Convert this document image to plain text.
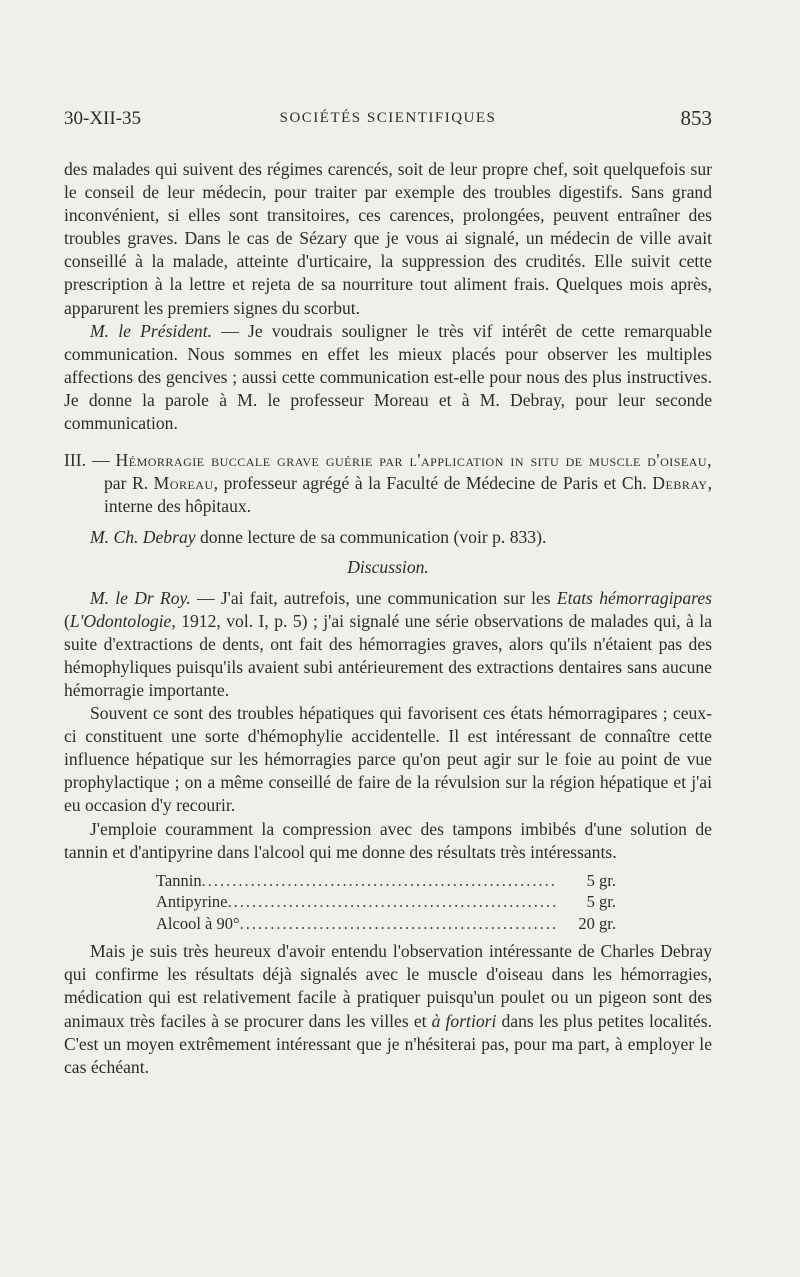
30-XII-35	SOCIÉTÉS SCIENTIFIQUES	853

des malades qui suivent des régimes carencés, soit de leur propre chef, soit quelquefois sur le conseil de leur médecin, pour traiter par exemple des troubles digestifs. Sans grand inconvénient, si elles sont transitoires, ces carences, prolongées, peuvent entraîner des troubles graves. Dans le cas de Sézary que je vous ai signalé, un médecin de ville avait conseillé à la malade, atteinte d'urticaire, la suppression des crudités. Elle suivit cette prescription à la lettre et rejeta de sa nourriture tout aliment frais. Quelques mois après, apparurent les premiers signes du scorbut.

M. le Président. — Je voudrais souligner le très vif intérêt de cette remarquable communication. Nous sommes en effet les mieux placés pour observer les multiples affections des gencives ; aussi cette communication est-elle pour nous des plus instructives. Je donne la parole à M. le professeur Moreau et à M. Debray, pour leur seconde communication.

III. — Hémorragie buccale grave guérie par l'application in situ de muscle d'oiseau, par R. Moreau, professeur agrégé à la Faculté de Médecine de Paris et Ch. Debray, interne des hôpitaux.

M. Ch. Debray donne lecture de sa communication (voir p. 833).

Discussion.

M. le Dr Roy. — J'ai fait, autrefois, une communication sur les Etats hémorragipares (L'Odontologie, 1912, vol. I, p. 5) ; j'ai signalé une série observations de malades qui, à la suite d'extractions de dents, ont fait des hémorragies graves, alors qu'ils n'étaient pas des hémophyliques puisqu'ils avaient subi antérieurement des extractions dentaires sans aucune hémorragie importante.

Souvent ce sont des troubles hépatiques qui favorisent ces états hémorragipares ; ceux-ci constituent une sorte d'hémophylie accidentelle. Il est intéressant de connaître cette influence hépatique sur les hémorragies parce qu'on peut agir sur le foie au point de vue prophylactique ; on a même conseillé de faire de la révulsion sur la région hépatique et j'ai eu occasion d'y recourir.

J'emploie couramment la compression avec des tampons imbibés d'une solution de tannin et d'antipyrine dans l'alcool qui me donne des résultats très intéressants.

Tannin .....	5 gr.
Antipyrine .....	5 gr.
Alcool à 90° .....	20 gr.

Mais je suis très heureux d'avoir entendu l'observation intéressante de Charles Debray qui confirme les résultats déjà signalés avec le muscle d'oiseau dans les hémorragies, médication qui est relativement facile à pratiquer puisqu'un poulet ou un pigeon sont des animaux très faciles à se procurer dans les villes et à fortiori dans les plus petites localités. C'est un moyen extrêmement intéressant que je n'hésiterai pas, pour ma part, à employer le cas échéant.
